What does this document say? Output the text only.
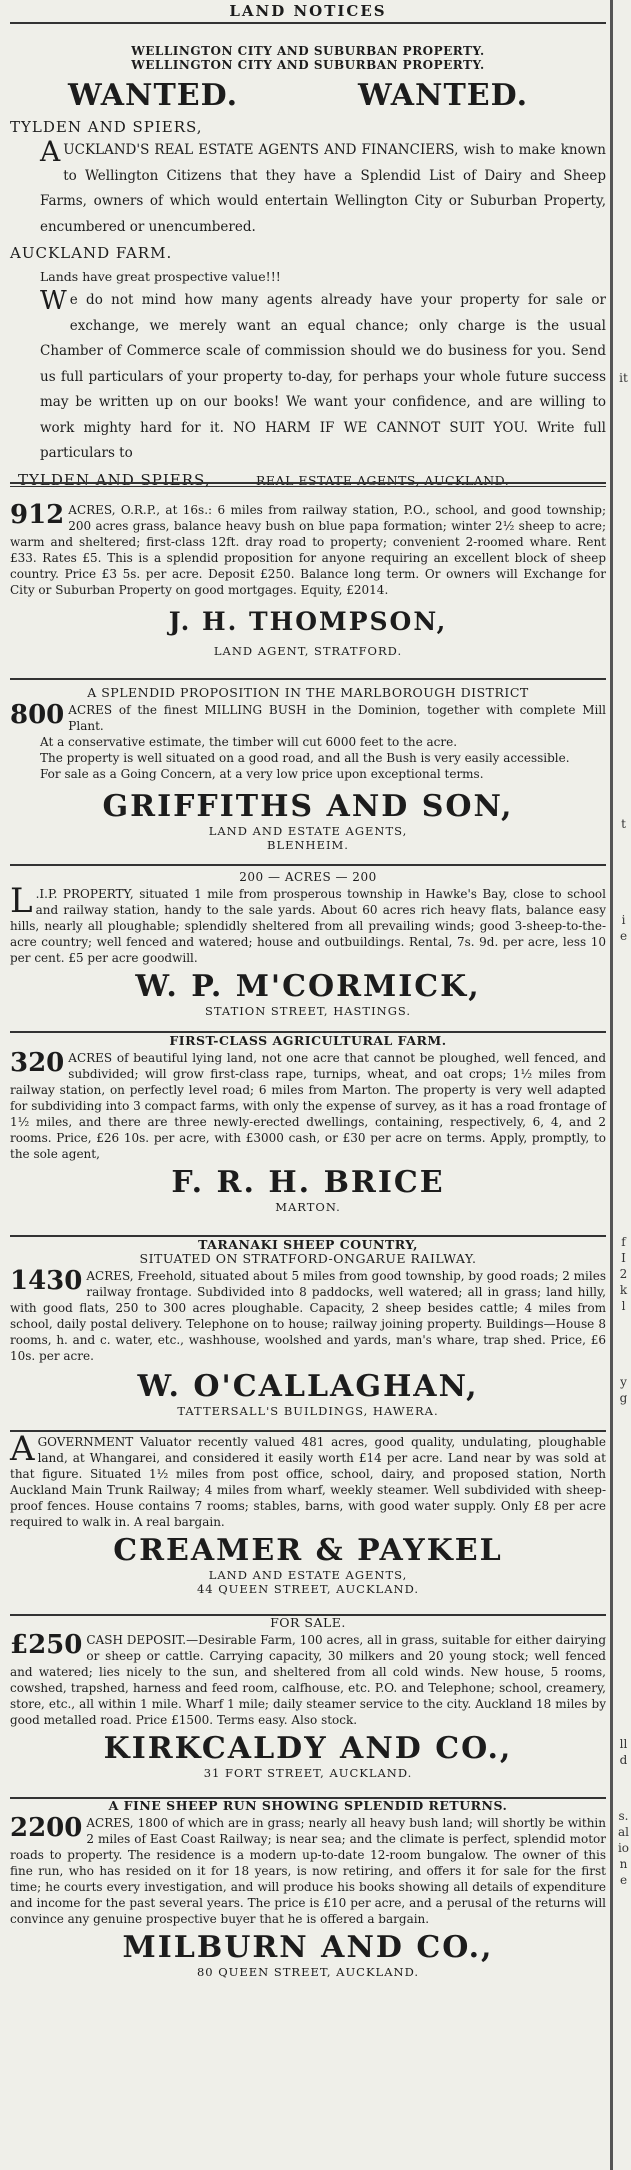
LAND NOTICES
WELLINGTON CITY AND SUBURBAN PROPERTY.
WELLINGTON CITY AND SUBURBAN PROPERTY.
WANTED.	WANTED.
TYLDEN AND SPIERS,
A UCKLAND'S REAL ESTATE AGENTS AND FINANCIERS, wish to make known to Wellington Citizens that they have a Splendid List of Dairy and Sheep Farms, owners of which would entertain Wellington City or Suburban Property, encumbered or unencumbered.
AUCKLAND FARM.
Lands have great prospective value!!!
W e do not mind how many agents already have your property for sale or exchange, we merely want an equal chance; only charge is the usual Chamber of Commerce scale of commission should we do business for you. Send us full particulars of your property to-day, for perhaps your whole future success may be written up on our books! We want your confidence, and are willing to work mighty hard for it. NO HARM IF WE CANNOT SUIT YOU. Write full particulars to
TYLDEN AND SPIERS,	REAL ESTATE AGENTS, AUCKLAND.
912 ACRES, O.R.P., at 16s.: 6 miles from railway station, P.O., school, and good township; 200 acres grass, balance heavy bush on blue papa formation; winter 2½ sheep to acre; warm and sheltered; first-class 12ft. dray road to property; convenient 2-roomed whare. Rent £33. Rates £5. This is a splendid proposition for anyone requiring an excellent block of sheep country. Price £3 5s. per acre. Deposit £250. Balance long term. Or owners will Exchange for City or Suburban Property on good mortgages. Equity, £2014.
J. H. THOMPSON,
LAND AGENT, STRATFORD.
A SPLENDID PROPOSITION IN THE MARLBOROUGH DISTRICT
800 ACRES of the finest MILLING BUSH in the Dominion, together with complete Mill Plant.
At a conservative estimate, the timber will cut 6000 feet to the acre.
The property is well situated on a good road, and all the Bush is very easily accessible.
For sale as a Going Concern, at a very low price upon exceptional terms.
GRIFFITHS AND SON,
LAND AND ESTATE AGENTS,
BLENHEIM.
200 — ACRES — 200
L .I.P. PROPERTY, situated 1 mile from prosperous township in Hawke's Bay, close to school and railway station, handy to the sale yards. About 60 acres rich heavy flats, balance easy hills, nearly all ploughable; splendidly sheltered from all prevailing winds; good 3-sheep-to-the-acre country; well fenced and watered; house and outbuildings. Rental, 7s. 9d. per acre, less 10 per cent. £5 per acre goodwill.
W. P. M'CORMICK,
STATION STREET, HASTINGS.
FIRST-CLASS AGRICULTURAL FARM.
320 ACRES of beautiful lying land, not one acre that cannot be ploughed, well fenced, and subdivided; will grow first-class rape, turnips, wheat, and oat crops; 1½ miles from railway station, on perfectly level road; 6 miles from Marton. The property is very well adapted for subdividing into 3 compact farms, with only the expense of survey, as it has a road frontage of 1½ miles, and there are three newly-erected dwellings, containing, respectively, 6, 4, and 2 rooms. Price, £26 10s. per acre, with £3000 cash, or £30 per acre on terms. Apply, promptly, to the sole agent,
F. R. H. BRICE
MARTON.
TARANAKI SHEEP COUNTRY,
SITUATED ON STRATFORD-ONGARUE RAILWAY.
1430 ACRES, Freehold, situated about 5 miles from good township, by good roads; 2 miles railway frontage. Subdivided into 8 paddocks, well watered; all in grass; land hilly, with good flats, 250 to 300 acres ploughable. Capacity, 2 sheep besides cattle; 4 miles from school, daily postal delivery. Telephone on to house; railway joining property. Buildings—House 8 rooms, h. and c. water, etc., washhouse, woolshed and yards, man's whare, trap shed. Price, £6 10s. per acre.
W. O'CALLAGHAN,
TATTERSALL'S BUILDINGS, HAWERA.
A GOVERNMENT Valuator recently valued 481 acres, good quality, undulating, ploughable land, at Whangarei, and considered it easily worth £14 per acre. Land near by was sold at that figure. Situated 1½ miles from post office, school, dairy, and proposed station, North Auckland Main Trunk Railway; 4 miles from wharf, weekly steamer. Well subdivided with sheep-proof fences. House contains 7 rooms; stables, barns, with good water supply. Only £8 per acre required to walk in. A real bargain.
CREAMER & PAYKEL
LAND AND ESTATE AGENTS,
44 QUEEN STREET, AUCKLAND.
FOR SALE.
£250 CASH DEPOSIT.—Desirable Farm, 100 acres, all in grass, suitable for either dairying or sheep or cattle. Carrying capacity, 30 milkers and 20 young stock; well fenced and watered; lies nicely to the sun, and sheltered from all cold winds. New house, 5 rooms, cowshed, trapshed, harness and feed room, calfhouse, etc. P.O. and Telephone; school, creamery, store, etc., all within 1 mile. Wharf 1 mile; daily steamer service to the city. Auckland 18 miles by good metalled road. Price £1500. Terms easy. Also stock.
KIRKCALDY AND CO.,
31 FORT STREET, AUCKLAND.
A FINE SHEEP RUN SHOWING SPLENDID RETURNS.
2200 ACRES, 1800 of which are in grass; nearly all heavy bush land; will shortly be within 2 miles of East Coast Railway; is near sea; and the climate is perfect, splendid motor roads to property. The residence is a modern up-to-date 12-room bungalow. The owner of this fine run, who has resided on it for 18 years, is now retiring, and offers it for sale for the first time; he courts every investigation, and will produce his books showing all details of expenditure and income for the past several years. The price is £10 per acre, and a perusal of the returns will convince any genuine prospective buyer that he is offered a bargain.
MILBURN AND CO.,
80 QUEEN STREET, AUCKLAND.
it
t
i
e
f
I
2
k
l
y
g
ll
d
s.
al
io
n
e
